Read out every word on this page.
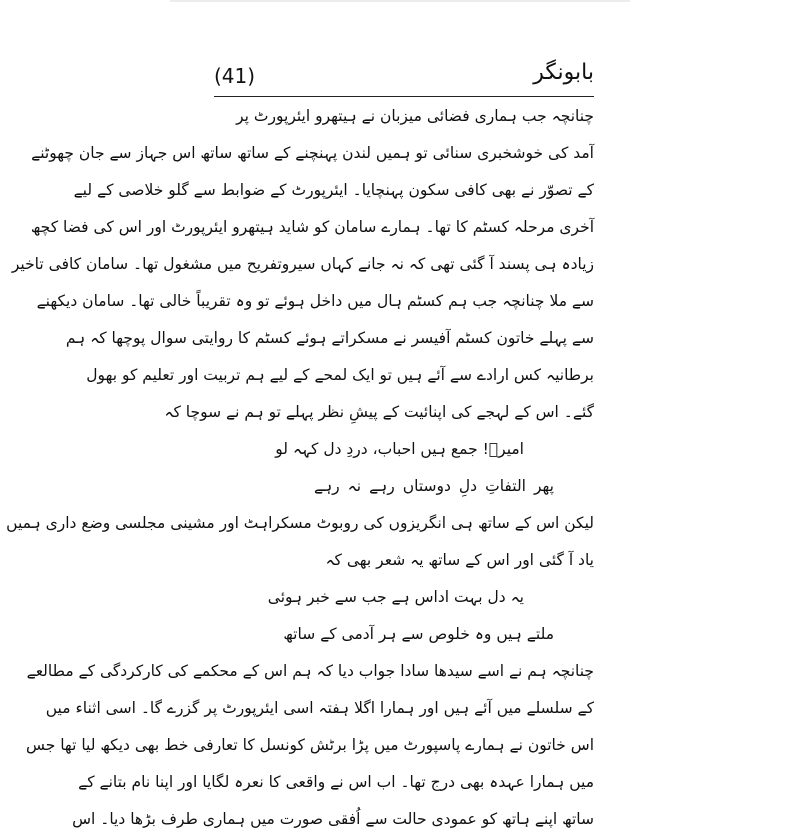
(41)	بابونگر
چنانچہ جب ہماری فضائی میزبان نے ہیتھرو ایئرپورٹ پر
آمد کی خوشخبری سنائی تو ہمیں لندن پہنچنے کے ساتھ ساتھ اس جہاز سے جان چھوٹنے
کے تصوّر نے بھی کافی سکون پہنچایا۔ ایئرپورٹ کے ضوابط سے گلو خلاصی کے لیے
آخری مرحلہ کسٹم کا تھا۔ ہمارے سامان کو شاید ہیتھرو ایئرپورٹ اور اس کی فضا کچھ
زیادہ ہی پسند آ گئی تھی کہ نہ جانے کہاں سیروتفریح میں مشغول تھا۔ سامان کافی تاخیر
سے ملا چنانچہ جب ہم کسٹم ہال میں داخل ہوئے تو وہ تقریباً خالی تھا۔ سامان دیکھنے
سے پہلے خاتون کسٹم آفیسر نے مسکراتے ہوئے کسٹم کا روایتی سوال پوچھا کہ ہم
برطانیہ کس ارادے سے آئے ہیں تو ایک لمحے کے لیے ہم تربیت اور تعلیم کو بھول
گئے۔ اس کے لہجے کی اپنائیت کے پیشِ نظر پہلے تو ہم نے سوچا کہ
امیرؔ! جمع ہیں احباب، دردِ دل کہہ لو
پھر التفاتِ دلِ دوستاں رہے نہ رہے
لیکن اس کے ساتھ ہی انگریزوں کی روبوٹ مسکراہٹ اور مشینی مجلسی وضع داری ہمیں
یاد آ گئی اور اس کے ساتھ یہ شعر بھی کہ
یہ دل بہت اداس ہے جب سے خبر ہوئی
ملتے ہیں وہ خلوص سے ہر آدمی کے ساتھ
چنانچہ ہم نے اسے سیدھا سادا جواب دیا کہ ہم اس کے محکمے کی کارکردگی کے مطالعے
کے سلسلے میں آئے ہیں اور ہمارا اگلا ہفتہ اسی ایئرپورٹ پر گزرے گا۔ اسی اثناء میں
اس خاتون نے ہمارے پاسپورٹ میں پڑا برٹش کونسل کا تعارفی خط بھی دیکھ لیا تھا جس
میں ہمارا عہدہ بھی درج تھا۔ اب اس نے واقعی کا نعرہ لگایا اور اپنا نام بتانے کے
ساتھ اپنے ہاتھ کو عمودی حالت سے اُفقی صورت میں ہماری طرف بڑھا دیا۔ اس
